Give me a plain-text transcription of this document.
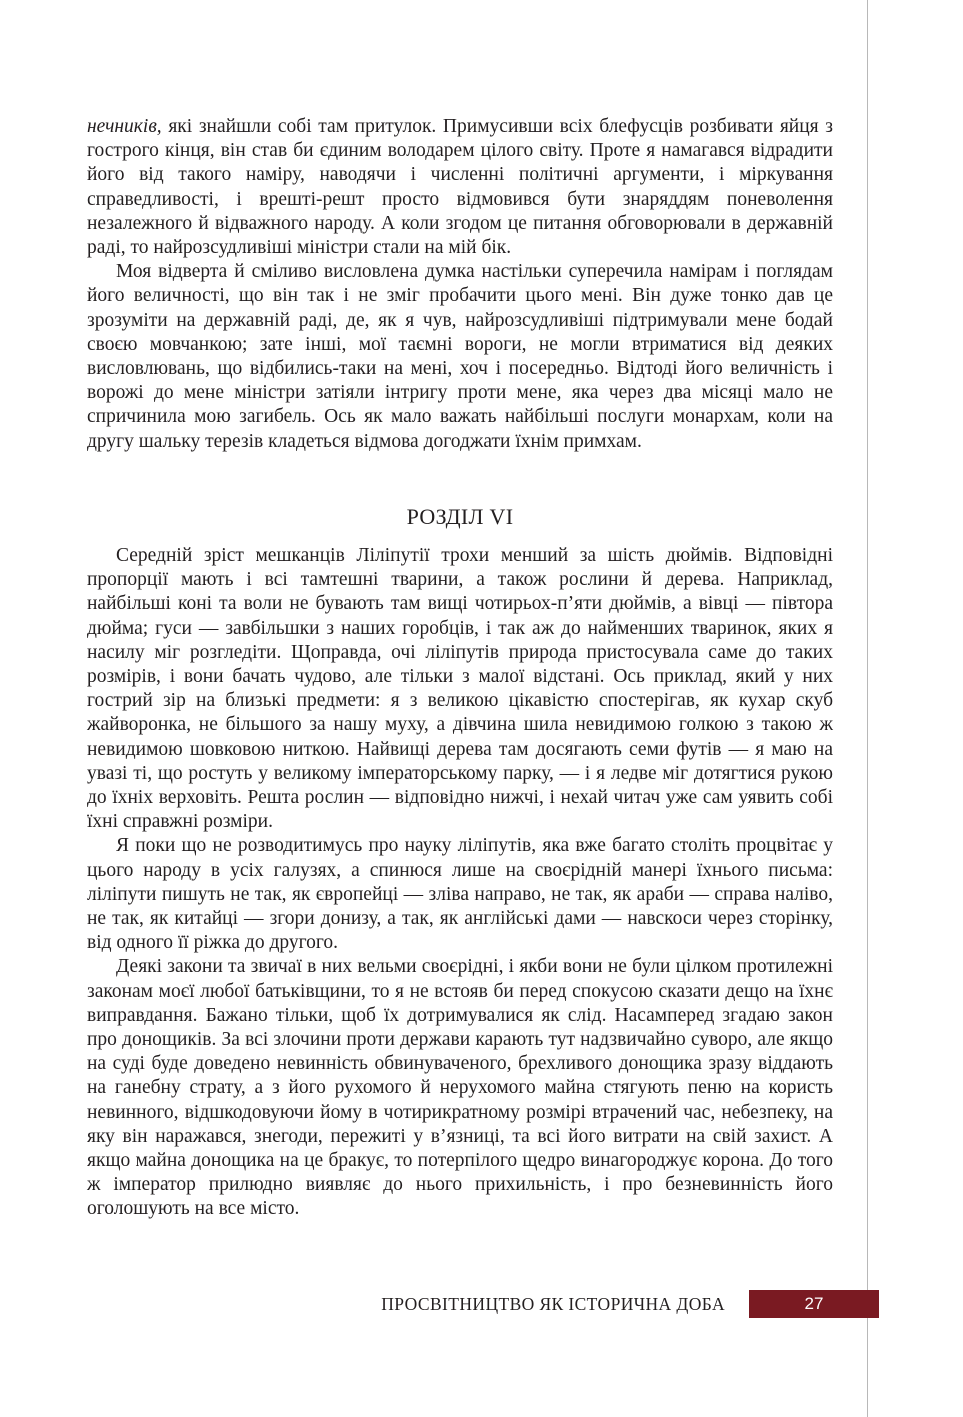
нечників, які знайшли собі там притулок. Примусивши всіх блефусців розбивати яйця з гострого кінця, він став би єдиним володарем цілого світу. Проте я намагався відрадити його від такого наміру, наводячи і численні політичні аргументи, і міркування справедливості, і врешті-решт просто відмовився бути знаряддям поневолення незалежного й відважного народу. А коли згодом це питання обговорювали в державній раді, то найрозсудливіші міністри стали на мій бік.

Моя відверта й сміливо висловлена думка настільки суперечила намірам і поглядам його величності, що він так і не зміг пробачити цього мені. Він дуже тонко дав це зрозуміти на державній раді, де, як я чув, найрозсудливіші підтримували мене бодай своєю мовчанкою; зате інші, мої таємні вороги, не могли втриматися від деяких висловлювань, що відбились-таки на мені, хоч і посередньо. Відтоді його величність і ворожі до мене міністри затіяли інтригу проти мене, яка через два місяці мало не спричинила мою загибель. Ось як мало важать найбільші послуги монархам, коли на другу шальку терезів кладеться відмова догоджати їхнім примхам.

РОЗДІЛ VI

Середній зріст мешканців Ліліпутії трохи менший за шість дюймів. Відповідні пропорції мають і всі тамтешні тварини, а також рослини й дерева. Наприклад, найбільші коні та воли не бувають там вищі чотирьох-п’яти дюймів, а вівці — півтора дюйма; гуси — завбільшки з наших горобців, і так аж до найменших тваринок, яких я насилу міг розгледіти. Щоправда, очі ліліпутів природа пристосувала саме до таких розмірів, і вони бачать чудово, але тільки з малої відстані. Ось приклад, який у них гострий зір на близькі предмети: я з великою цікавістю спостерігав, як кухар скуб жайворонка, не більшого за нашу муху, а дівчина шила невидимою голкою з такою ж невидимою шовковою ниткою. Найвищі дерева там досягають семи футів — я маю на увазі ті, що ростуть у великому імператорському парку, — і я ледве міг дотягтися рукою до їхніх верховіть. Решта рослин — відповідно нижчі, і нехай читач уже сам уявить собі їхні справжні розміри.

Я поки що не розводитимусь про науку ліліпутів, яка вже багато століть процвітає у цього народу в усіх галузях, а спинюся лише на своєрідній манері їхнього письма: ліліпути пишуть не так, як європейці — зліва направо, не так, як араби — справа наліво, не так, як китайці — згори донизу, а так, як англійські дами — навскоси через сторінку, від одного її ріжка до другого.

Деякі закони та звичаї в них вельми своєрідні, і якби вони не були цілком протилежні законам моєї любої батьківщини, то я не встояв би перед спокусою сказати дещо на їхнє виправдання. Бажано тільки, щоб їх дотримувалися як слід. Насамперед згадаю закон про донощиків. За всі злочини проти держави карають тут надзвичайно суворо, але якщо на суді буде доведено невинність обвинуваченого, брехливого донощика зразу віддають на ганебну страту, а з його рухомого й нерухомого майна стягують пеню на користь невинного, відшкодовуючи йому в чотирикратному розмірі втрачений час, небезпеку, на яку він наражався, знегоди, пережиті у в’язниці, та всі його витрати на свій захист. А якщо майна донощика на це бракує, то потерпілого щедро винагороджує корона. До того ж імператор прилюдно виявляє до нього прихильність, і про безневинність його оголошують на все місто.

ПРОСВІТНИЦТВО ЯК ІСТОРИЧНА ДОБА	27
